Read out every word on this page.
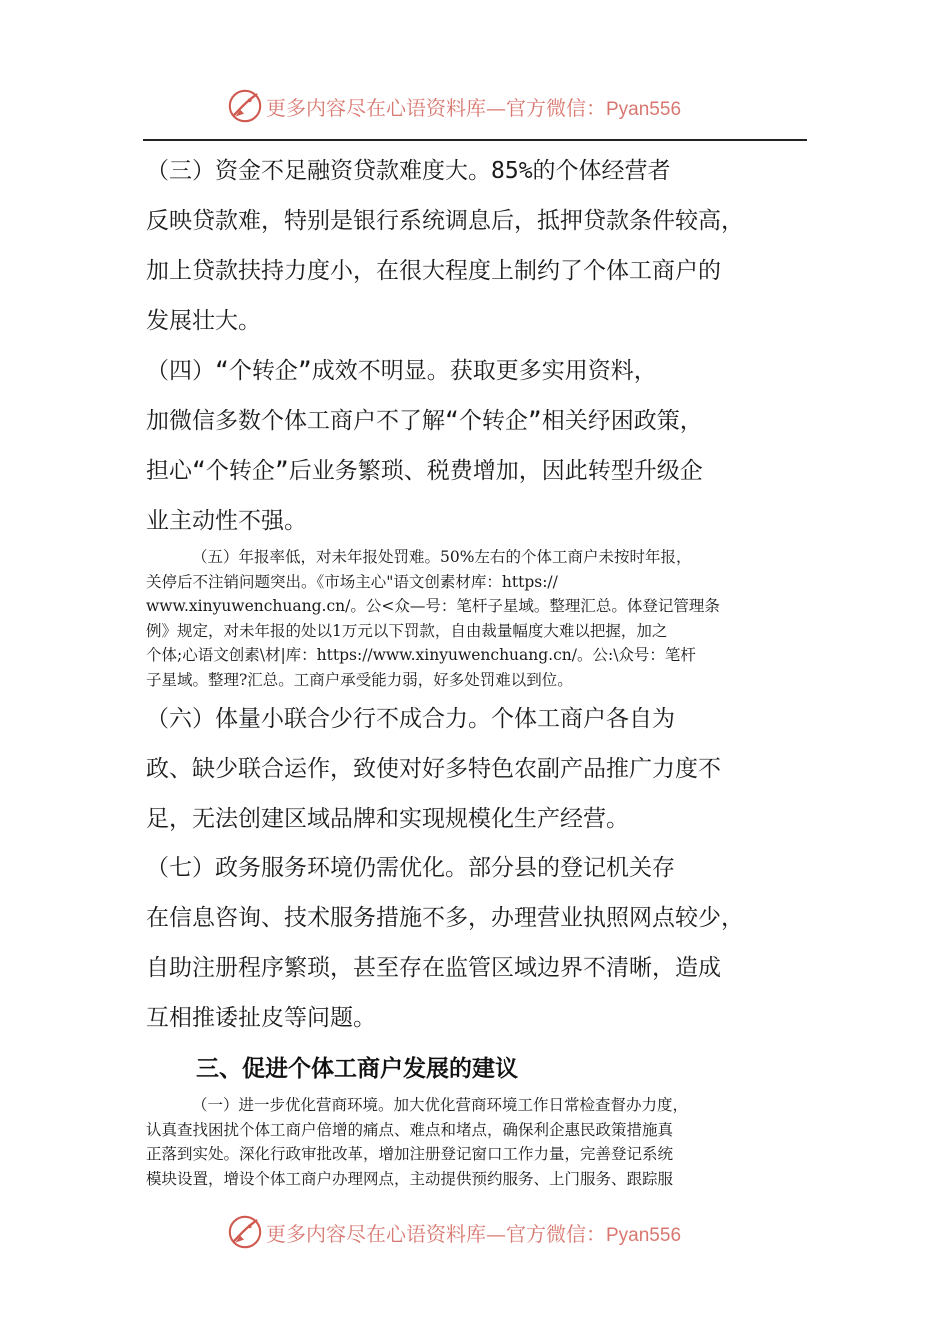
更多内容尽在心语资料库—官方微信：Pyan556
（三）资金不足融资贷款难度大。85%的个体经营者
反映贷款难，特别是银行系统调息后，抵押贷款条件较高，
加上贷款扶持力度小，在很大程度上制约了个体工商户的
发展壮大。
（四）“个转企”成效不明显。获取更多实用资料，
加微信多数个体工商户不了解“个转企”相关纾困政策，
担心“个转企”后业务繁琐、税费增加，因此转型升级企
业主动性不强。
（五）年报率低，对未年报处罚难。50%左右的个体工商户未按时年报，
关停后不注销问题突出。《市场主心"语文创素材库：https://
www.xinyuwenchuang.cn/。公<众—号：笔杆子星域。整理汇总。体登记管理条
例》规定，对未年报的处以1万元以下罚款，自由裁量幅度大难以把握，加之
个体;心语文创素\材|库：https://www.xinyuwenchuang.cn/。公:\众号：笔杆
子星域。整理?汇总。工商户承受能力弱，好多处罚难以到位。
（六）体量小联合少行不成合力。个体工商户各自为
政、缺少联合运作，致使对好多特色农副产品推广力度不
足，无法创建区域品牌和实现规模化生产经营。
（七）政务服务环境仍需优化。部分县的登记机关存
在信息咨询、技术服务措施不多，办理营业执照网点较少，
自助注册程序繁琐，甚至存在监管区域边界不清晰，造成
互相推诿扯皮等问题。
三、促进个体工商户发展的建议
（一）进一步优化营商环境。加大优化营商环境工作日常检查督办力度，
认真查找困扰个体工商户倍增的痛点、难点和堵点，确保利企惠民政策措施真
正落到实处。深化行政审批改革，增加注册登记窗口工作力量，完善登记系统
模块设置，增设个体工商户办理网点，主动提供预约服务、上门服务、跟踪服
更多内容尽在心语资料库—官方微信：Pyan556
